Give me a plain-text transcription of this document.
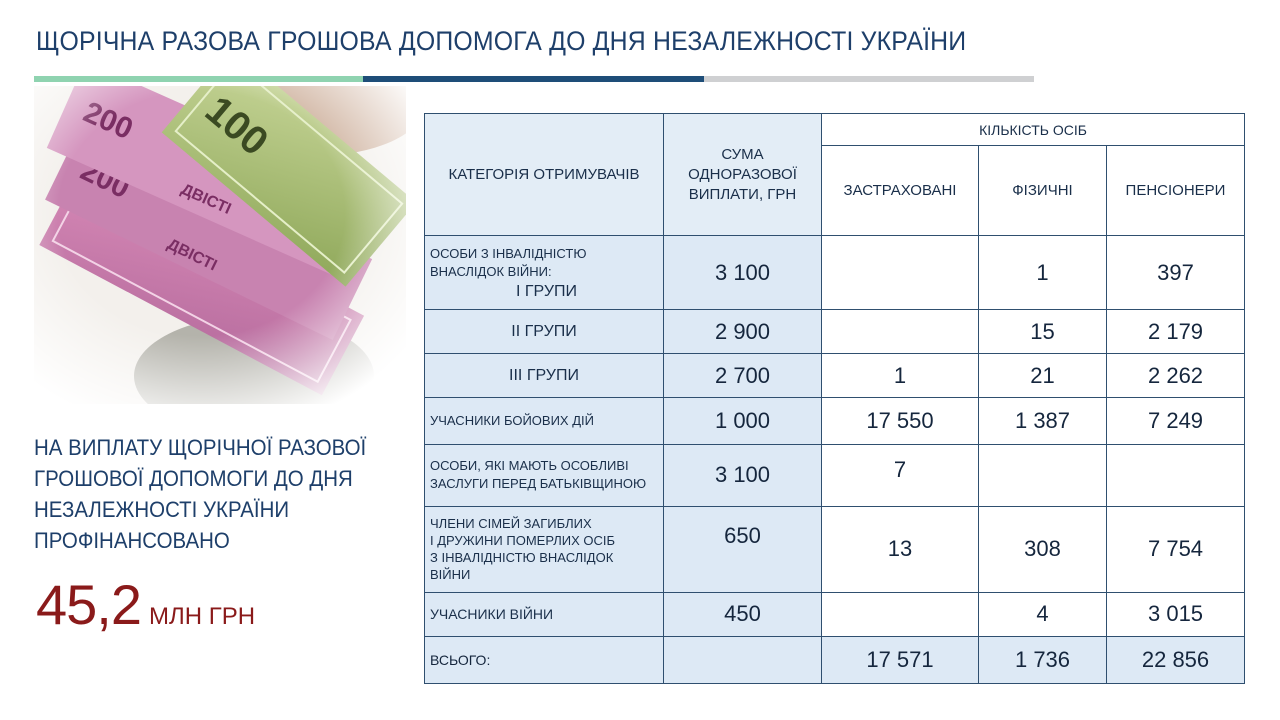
ЩОРІЧНА РАЗОВА ГРОШОВА ДОПОМОГА ДО ДНЯ НЕЗАЛЕЖНОСТІ УКРАЇНИ
НА ВИПЛАТУ ЩОРІЧНОЇ РАЗОВОЇ ГРОШОВОЇ ДОПОМОГИ ДО ДНЯ НЕЗАЛЕЖНОСТІ УКРАЇНИ ПРОФІНАНСОВАНО
45,2 МЛН ГРН
КАТЕГОРІЯ ОТРИМУВАЧІВ	СУМА ОДНОРАЗОВОЇ ВИПЛАТИ, ГРН	КІЛЬКІСТЬ ОСІБ		
		ЗАСТРАХОВАНІ	ФІЗИЧНІ	ПЕНСІОНЕРИ

ОСОБИ З ІНВАЛІДНІСТЮ
ВНАСЛІДОК ВІЙНИ:
І ГРУПИ	3 100		1	397
ІІ ГРУПИ	2 900		15	2 179
ІІІ ГРУПИ	2 700	1	21	2 262
УЧАСНИКИ БОЙОВИХ ДІЙ	1 000	17 550	1 387	7 249

ОСОБИ, ЯКІ МАЮТЬ ОСОБЛИВІ
ЗАСЛУГИ ПЕРЕД БАТЬКІВЩИНОЮ	3 100	7		

ЧЛЕНИ СІМЕЙ ЗАГИБЛИХ
І ДРУЖИНИ ПОМЕРЛИХ ОСІБ
З ІНВАЛІДНІСТЮ ВНАСЛІДОК
ВІЙНИ	650	13	308	7 754
УЧАСНИКИ ВІЙНИ	450		4	3 015
ВСЬОГО:		17 571	1 736	22 856
